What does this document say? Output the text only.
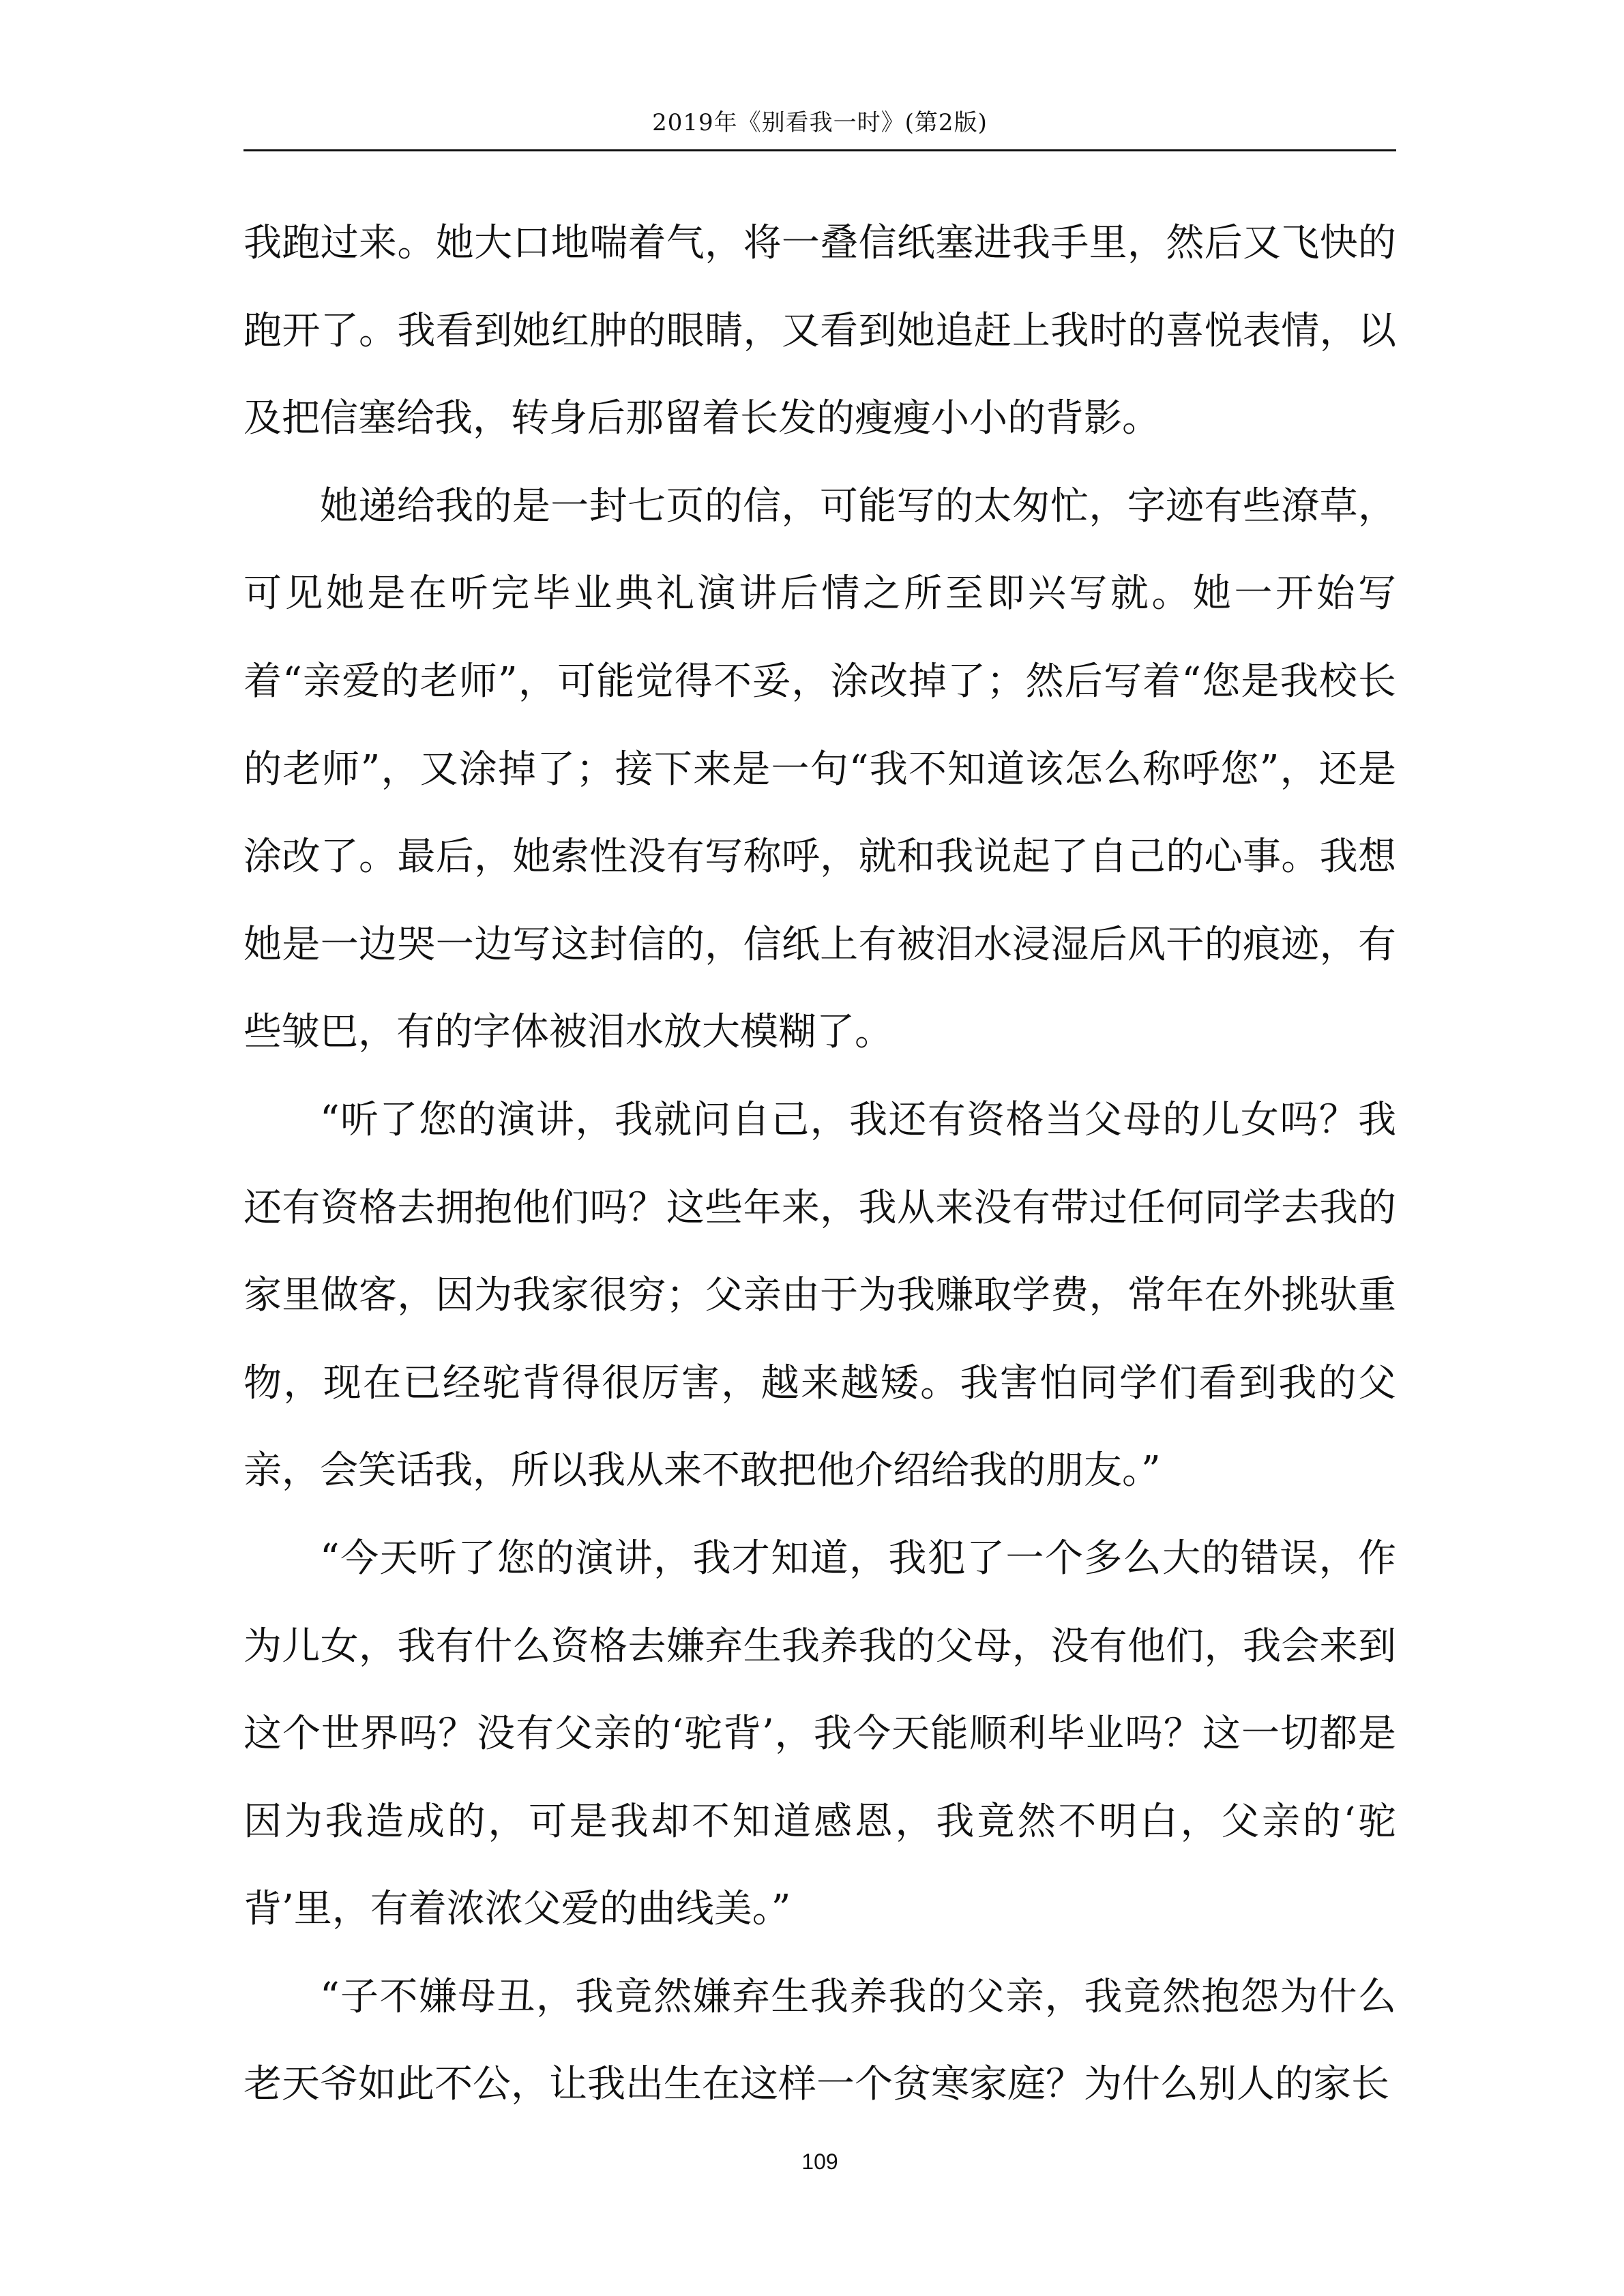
2019年《别看我一时》(第2版)

我跑过来。她大口地喘着气，将一叠信纸塞进我手里，然后又飞快的跑开了。我看到她红肿的眼睛，又看到她追赶上我时的喜悦表情，以及把信塞给我，转身后那留着长发的瘦瘦小小的背影。

她递给我的是一封七页的信，可能写的太匆忙，字迹有些潦草，可见她是在听完毕业典礼演讲后情之所至即兴写就。她一开始写着“亲爱的老师”，可能觉得不妥，涂改掉了；然后写着“您是我校长的老师”，又涂掉了；接下来是一句“我不知道该怎么称呼您”，还是涂改了。最后，她索性没有写称呼，就和我说起了自己的心事。我想她是一边哭一边写这封信的，信纸上有被泪水浸湿后风干的痕迹，有些皱巴，有的字体被泪水放大模糊了。

“听了您的演讲，我就问自己，我还有资格当父母的儿女吗？我还有资格去拥抱他们吗？这些年来，我从来没有带过任何同学去我的家里做客，因为我家很穷；父亲由于为我赚取学费，常年在外挑驮重物，现在已经驼背得很厉害，越来越矮。我害怕同学们看到我的父亲，会笑话我，所以我从来不敢把他介绍给我的朋友。”

“今天听了您的演讲，我才知道，我犯了一个多么大的错误，作为儿女，我有什么资格去嫌弃生我养我的父母，没有他们，我会来到这个世界吗？没有父亲的‘驼背’，我今天能顺利毕业吗？这一切都是因为我造成的，可是我却不知道感恩，我竟然不明白，父亲的‘驼背’里，有着浓浓父爱的曲线美。”

“子不嫌母丑，我竟然嫌弃生我养我的父亲，我竟然抱怨为什么老天爷如此不公，让我出生在这样一个贫寒家庭？为什么别人的家长

109
